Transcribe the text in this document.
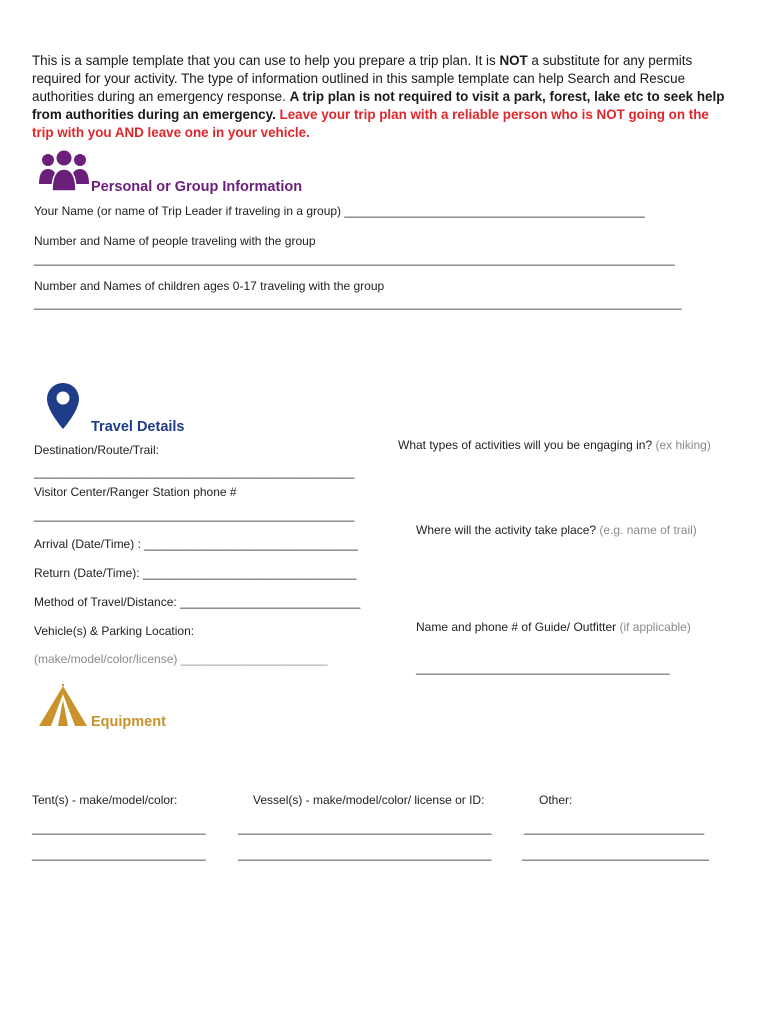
This is a sample template that you can use to help you prepare a trip plan. It is NOT a substitute for any permits required for your activity. The type of information outlined in this sample template can help Search and Rescue authorities during an emergency response. A trip plan is not required to visit a park, forest, lake etc to seek help from authorities during an emergency. Leave your trip plan with a reliable person who is NOT going on the trip with you AND leave one in your vehicle.
Personal or Group Information
Your Name (or name of Trip Leader if traveling in a group) _____________________________________________
Number and Name of people traveling with the group
________________________________________________________________________________________________
Number and Names of children ages 0-17 traveling with the group
_________________________________________________________________________________________________
Travel Details
Destination/Route/Trail:
________________________________________________
Visitor Center/Ranger Station phone #
________________________________________________
Arrival (Date/Time) : ________________________________
Return (Date/Time): ________________________________
Method of Travel/Distance: ___________________________
Vehicle(s) & Parking Location:
(make/model/color/license) ______________________
What types of activities will you be engaging in? (ex hiking)
Where will the activity take place? (e.g. name of trail)
Name and phone # of Guide/ Outfitter (if applicable)
______________________________________
Equipment
Tent(s) - make/model/color:	Vessel(s) - make/model/color/ license or ID:	Other:
__________________________	______________________________________	___________________________
__________________________	______________________________________	____________________________
